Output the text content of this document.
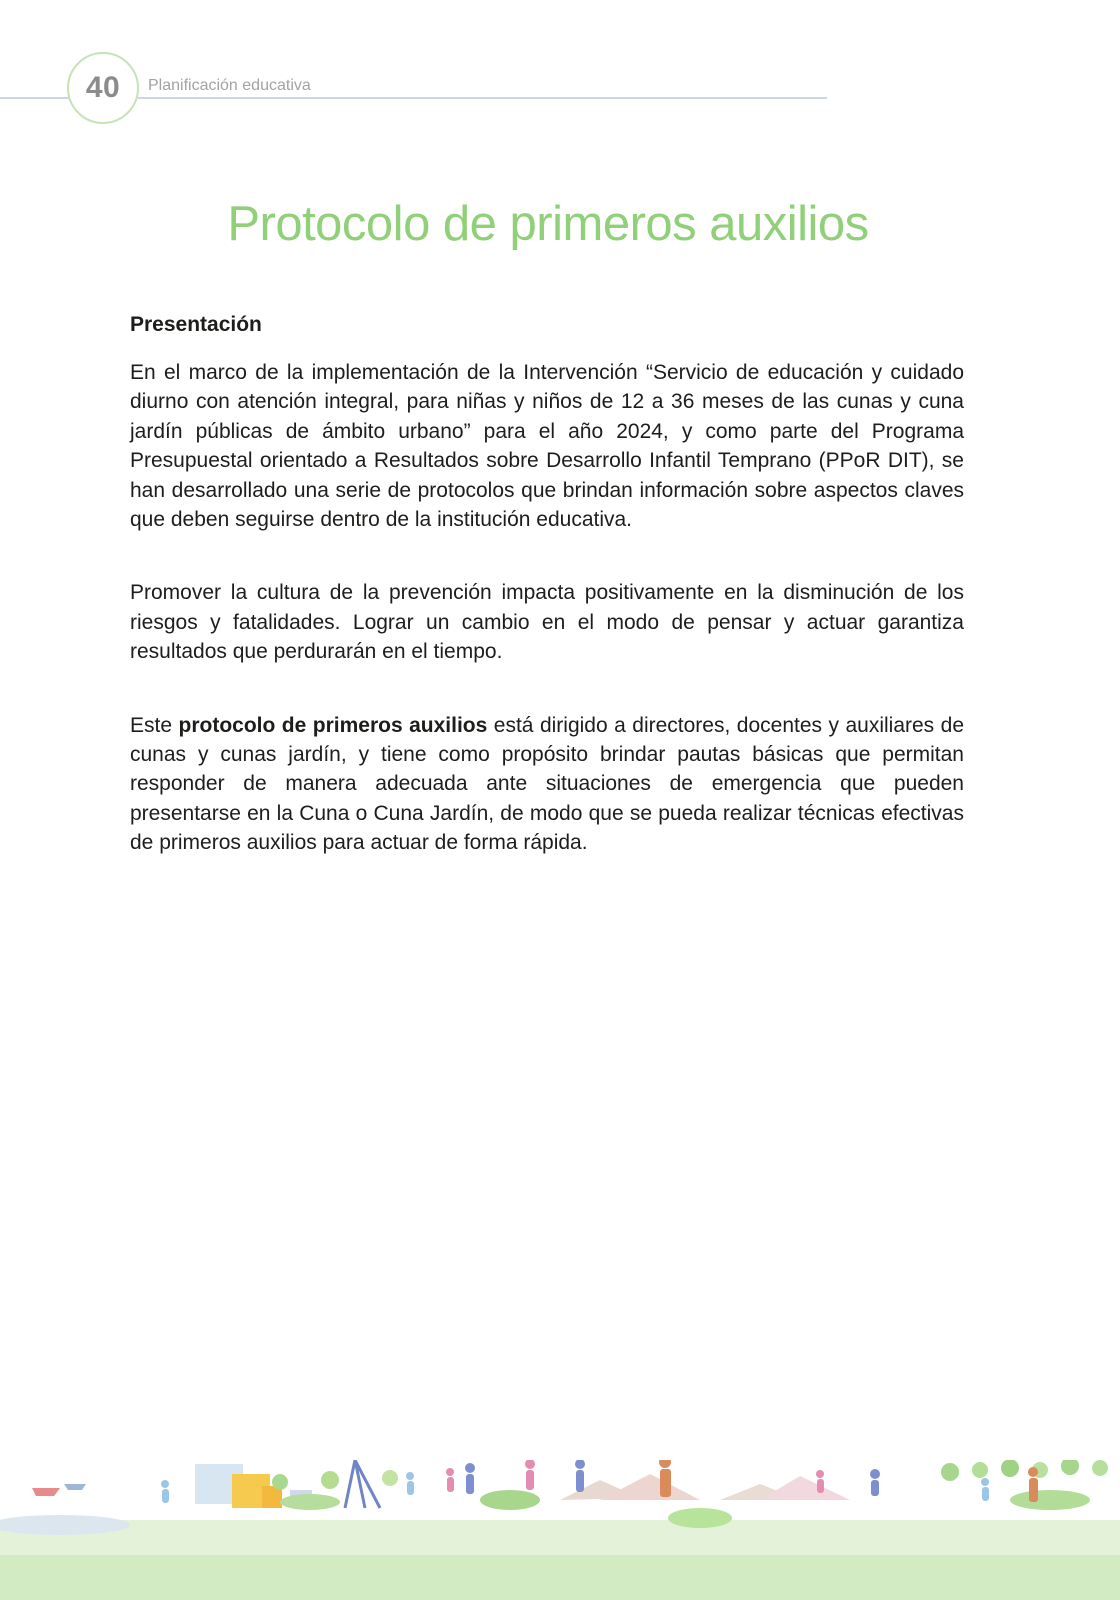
40 Planificación educativa
Protocolo de primeros auxilios
Presentación

En el marco de la implementación de la Intervención “Servicio de educación y cuidado diurno con atención integral, para niñas y niños de 12 a 36 meses de las cunas y cuna jardín públicas de ámbito urbano” para el año 2024, y como parte del Programa Presupuestal orientado a Resultados sobre Desarrollo Infantil Temprano (PPoR DIT), se han desarrollado una serie de protocolos que brindan información sobre aspectos claves que deben seguirse dentro de la institución educativa.

Promover la cultura de la prevención impacta positivamente en la disminución de los riesgos y fatalidades. Lograr un cambio en el modo de pensar y actuar garantiza resultados que perdurarán en el tiempo.

Este protocolo de primeros auxilios está dirigido a directores, docentes y auxiliares de cunas y cunas jardín, y tiene como propósito brindar pautas básicas que permitan responder de manera adecuada ante situaciones de emergencia que pueden presentarse en la Cuna o Cuna Jardín, de modo que se pueda realizar técnicas efectivas de primeros auxilios para actuar de forma rápida.
